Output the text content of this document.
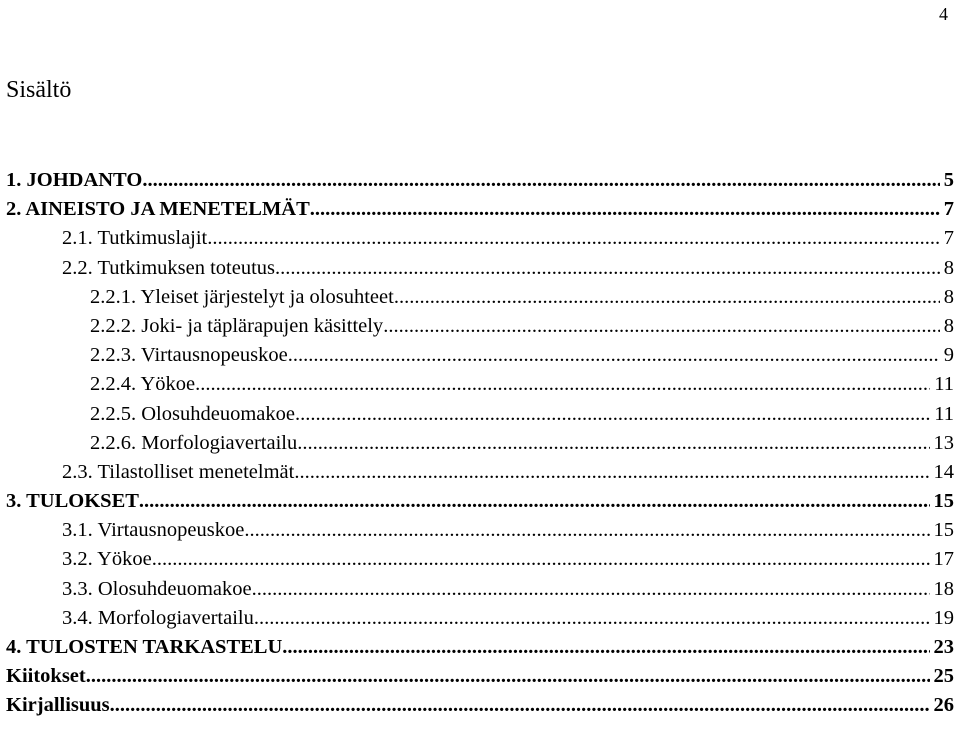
4
Sisältö
1. JOHDANTO .....	5
2. AINEISTO JA MENETELMÄT .....	7
2.1. Tutkimuslajit .....	7
2.2. Tutkimuksen toteutus .....	8
2.2.1. Yleiset järjestelyt ja olosuhteet .....	8
2.2.2. Joki- ja täplärapujen käsittely .....	8
2.2.3. Virtausnopeuskoe .....	9
2.2.4. Yökoe .....	11
2.2.5. Olosuhdeuomakoe .....	11
2.2.6. Morfologiavertailu .....	13
2.3. Tilastolliset menetelmät .....	14
3. TULOKSET .....	15
3.1. Virtausnopeuskoe .....	15
3.2. Yökoe .....	17
3.3. Olosuhdeuomakoe .....	18
3.4. Morfologiavertailu .....	19
4. TULOSTEN TARKASTELU .....	23
Kiitokset .....	25
Kirjallisuus .....	26
